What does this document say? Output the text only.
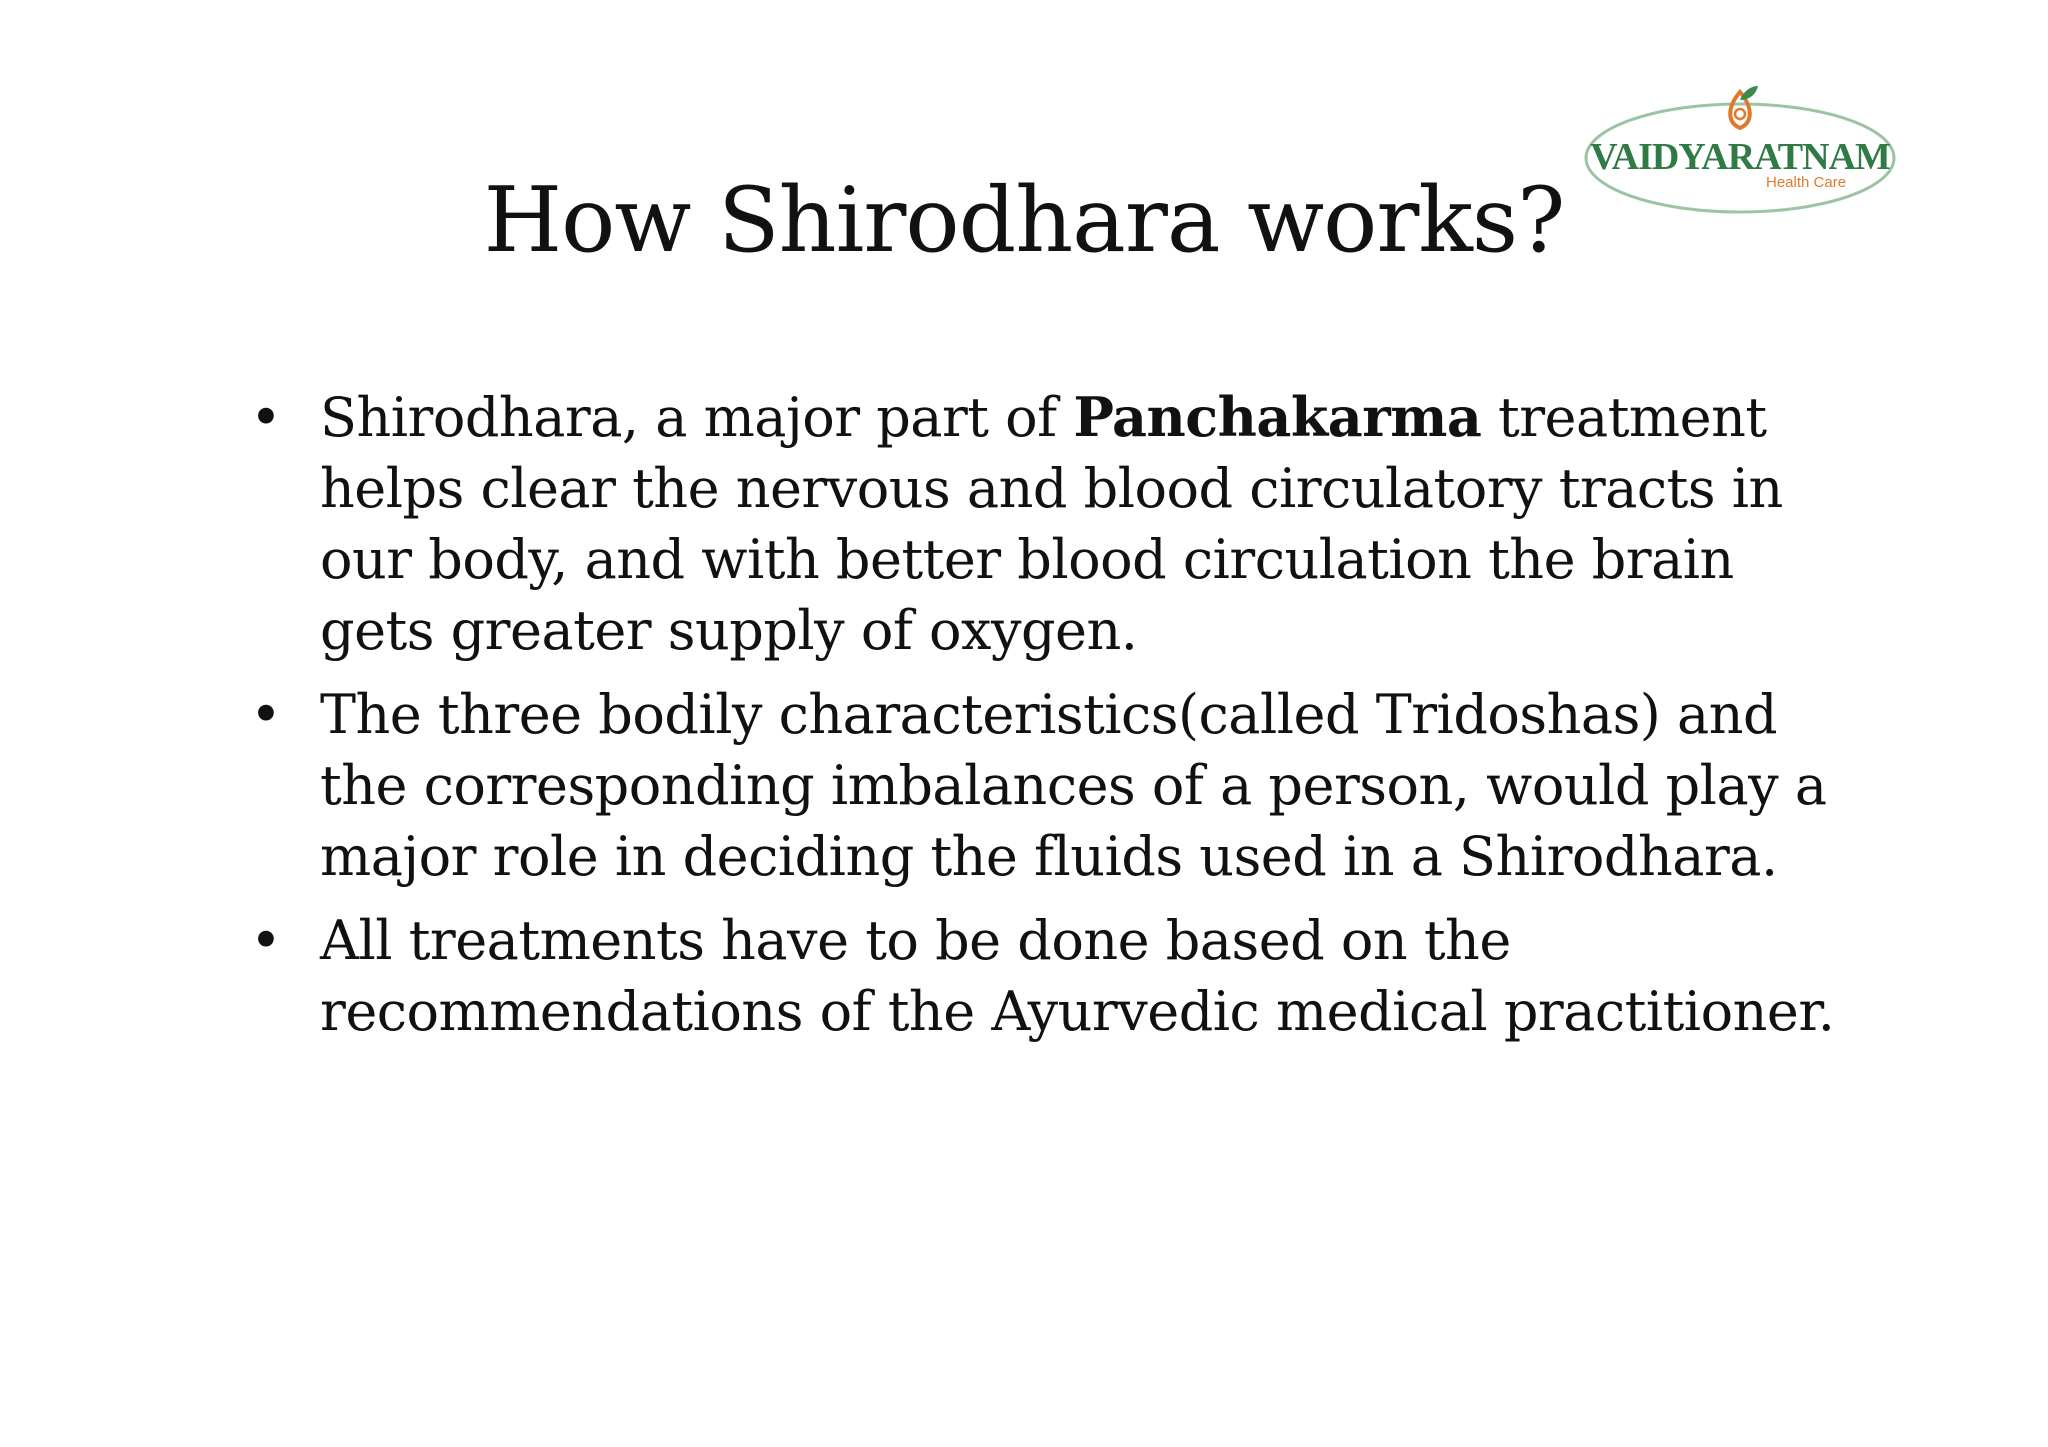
VAIDYARATNAM
Health Care
How Shirodhara works?
• Shirodhara, a major part of Panchakarma treatment helps clear the nervous and blood circulatory tracts in our body, and with better blood circulation the brain gets greater supply of oxygen.
• The three bodily characteristics(called Tridoshas) and the corresponding imbalances of a person, would play a major role in deciding the fluids used in a Shirodhara.
• All treatments have to be done based on the recommendations of the Ayurvedic medical practitioner.
